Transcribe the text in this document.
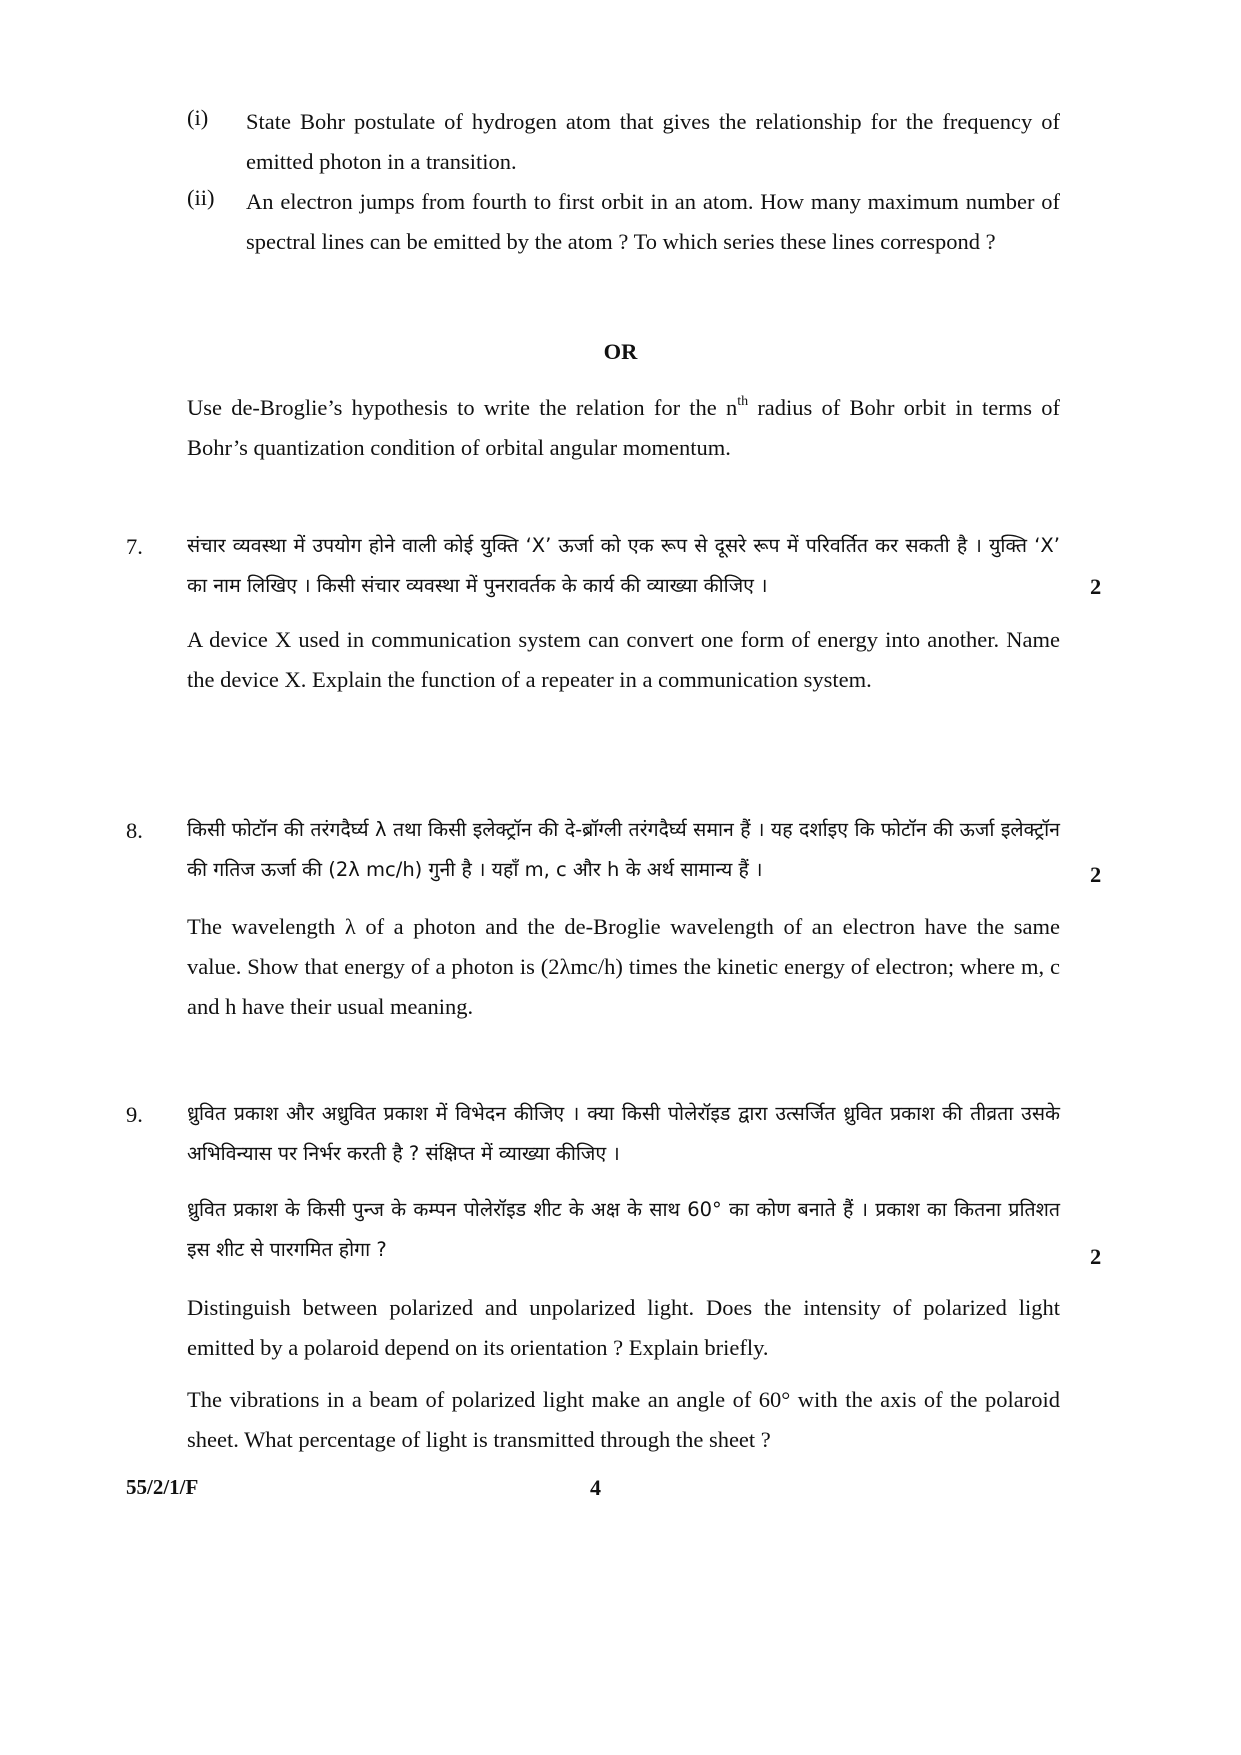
(i) State Bohr postulate of hydrogen atom that gives the relationship for the frequency of emitted photon in a transition.
(ii) An electron jumps from fourth to first orbit in an atom. How many maximum number of spectral lines can be emitted by the atom ? To which series these lines correspond ?
OR
Use de-Broglie’s hypothesis to write the relation for the $n^{th}$ radius of Bohr orbit in terms of Bohr’s quantization condition of orbital angular momentum.
7. संचार व्यवस्था में उपयोग होने वाली कोई युक्ति ‘X’ ऊर्जा को एक रूप से दूसरे रूप में परिवर्तित कर सकती है । युक्ति ‘X’ का नाम लिखिए । किसी संचार व्यवस्था में पुनरावर्तक के कार्य की व्याख्या कीजिए ।	2
A device X used in communication system can convert one form of energy into another. Name the device X. Explain the function of a repeater in a communication system.
8. किसी फोटॉन की तरंगदैर्घ्य λ तथा किसी इलेक्ट्रॉन की दे-ब्रॉग्ली तरंगदैर्घ्य समान हैं । यह दर्शाइए कि फोटॉन की ऊर्जा इलेक्ट्रॉन की गतिज ऊर्जा की (2λ mc/h) गुनी है । यहाँ m, c और h के अर्थ सामान्य हैं ।	2
The wavelength λ of a photon and the de-Broglie wavelength of an electron have the same value. Show that energy of a photon is (2λmc/h) times the kinetic energy of electron; where m, c and h have their usual meaning.
9. ध्रुवित प्रकाश और अध्रुवित प्रकाश में विभेदन कीजिए । क्या किसी पोलेरॉइड द्वारा उत्सर्जित ध्रुवित प्रकाश की तीव्रता उसके अभिविन्यास पर निर्भर करती है ? संक्षिप्त में व्याख्या कीजिए ।
ध्रुवित प्रकाश के किसी पुन्ज के कम्पन पोलेरॉइड शीट के अक्ष के साथ 60° का कोण बनाते हैं । प्रकाश का कितना प्रतिशत इस शीट से पारगमित होगा ?	2
Distinguish between polarized and unpolarized light. Does the intensity of polarized light emitted by a polaroid depend on its orientation ? Explain briefly.
The vibrations in a beam of polarized light make an angle of 60° with the axis of the polaroid sheet. What percentage of light is transmitted through the sheet ?
55/2/1/F	4
